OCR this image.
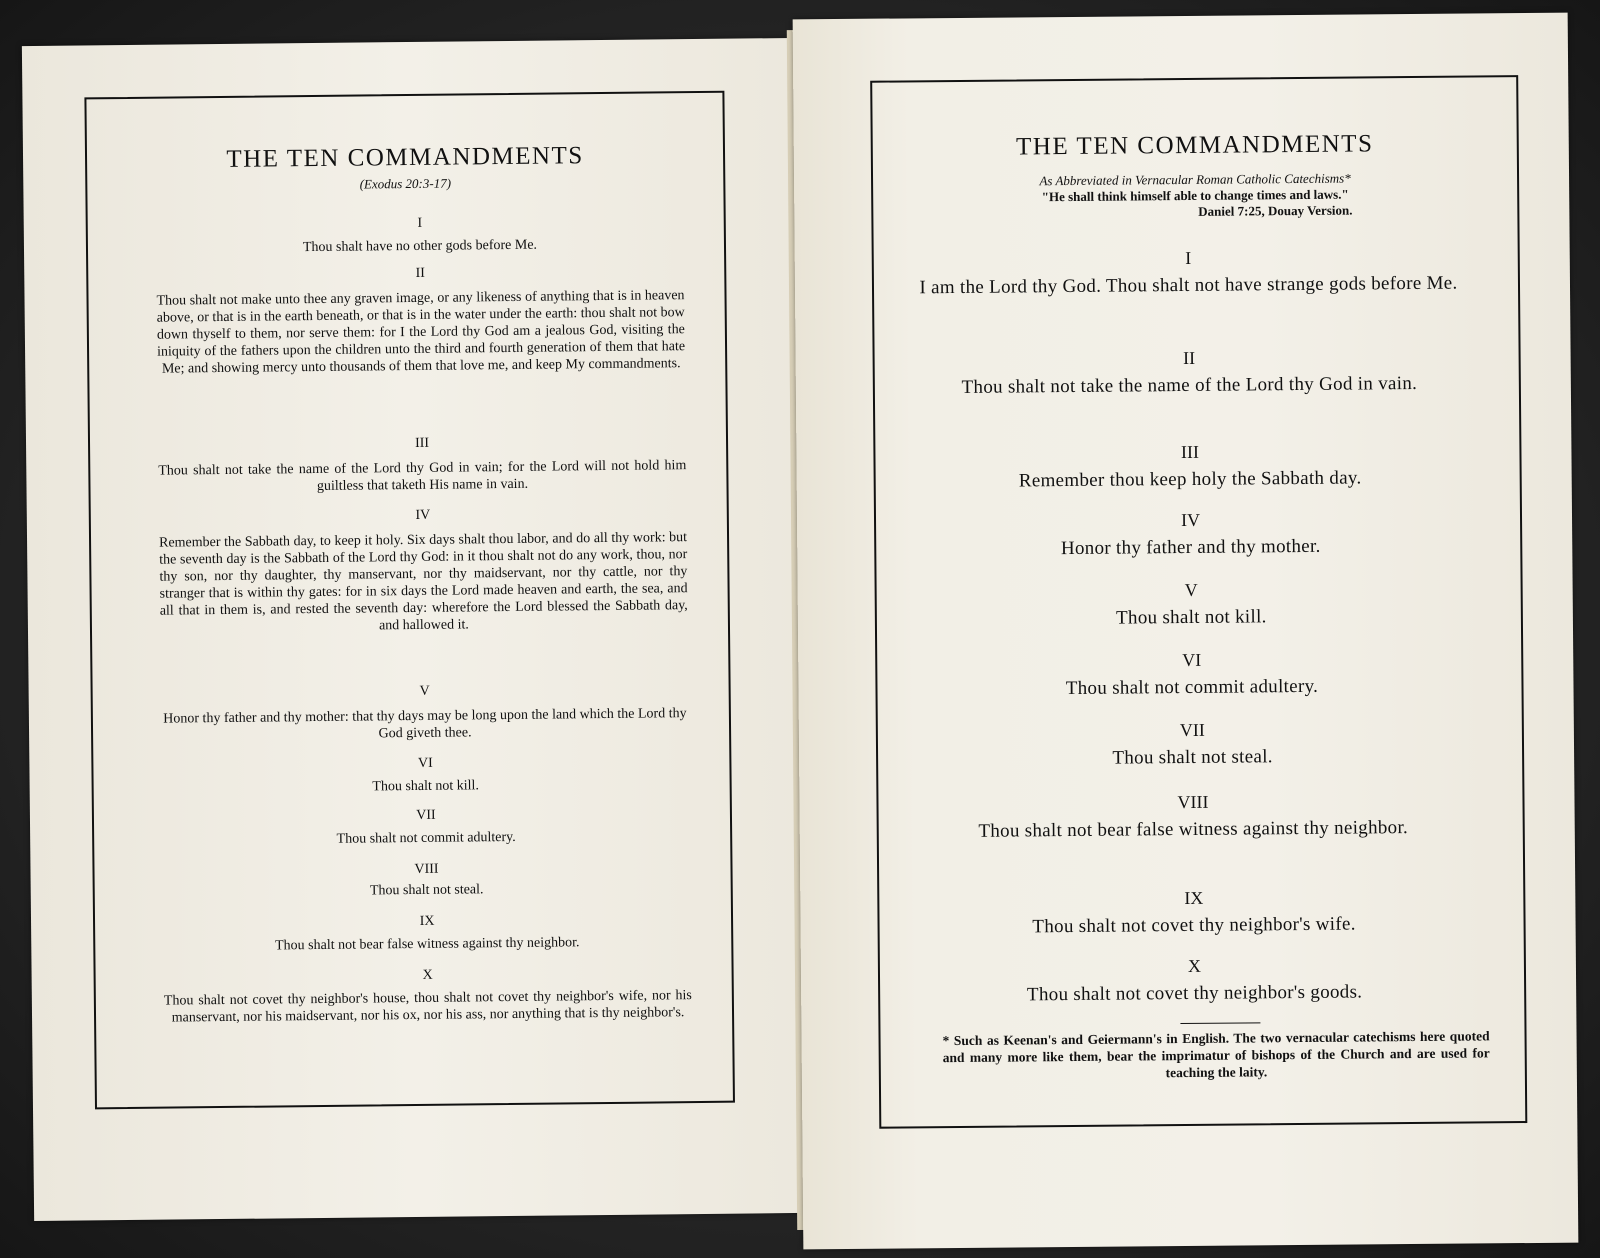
THE TEN COMMANDMENTS
(Exodus 20:3-17)
I
Thou shalt have no other gods before Me.
II
Thou shalt not make unto thee any graven image, or any likeness of anything that is in heaven above, or that is in the earth beneath, or that is in the water under the earth: thou shalt not bow down thyself to them, nor serve them: for I the Lord thy God am a jealous God, visiting the iniquity of the fathers upon the children unto the third and fourth generation of them that hate Me; and showing mercy unto thousands of them that love me, and keep My commandments.
III
Thou shalt not take the name of the Lord thy God in vain; for the Lord will not hold him guiltless that taketh His name in vain.
IV
Remember the Sabbath day, to keep it holy. Six days shalt thou labor, and do all thy work: but the seventh day is the Sabbath of the Lord thy God: in it thou shalt not do any work, thou, nor thy son, nor thy daughter, thy manservant, nor thy maidservant, nor thy cattle, nor thy stranger that is within thy gates: for in six days the Lord made heaven and earth, the sea, and all that in them is, and rested the seventh day: wherefore the Lord blessed the Sabbath day, and hallowed it.
V
Honor thy father and thy mother: that thy days may be long upon the land which the Lord thy God giveth thee.
VI
Thou shalt not kill.
VII
Thou shalt not commit adultery.
VIII
Thou shalt not steal.
IX
Thou shalt not bear false witness against thy neighbor.
X
Thou shalt not covet thy neighbor's house, thou shalt not covet thy neighbor's wife, nor his manservant, nor his maidservant, nor his ox, nor his ass, nor anything that is thy neighbor's.
THE TEN COMMANDMENTS
As Abbreviated in Vernacular Roman Catholic Catechisms*
"He shall think himself able to change times and laws."
Daniel 7:25, Douay Version.
I
I am the Lord thy God. Thou shalt not have strange gods before Me.
II
Thou shalt not take the name of the Lord thy God in vain.
III
Remember thou keep holy the Sabbath day.
IV
Honor thy father and thy mother.
V
Thou shalt not kill.
VI
Thou shalt not commit adultery.
VII
Thou shalt not steal.
VIII
Thou shalt not bear false witness against thy neighbor.
IX
Thou shalt not covet thy neighbor's wife.
X
Thou shalt not covet thy neighbor's goods.
* Such as Keenan's and Geiermann's in English. The two vernacular catechisms here quoted and many more like them, bear the imprimatur of bishops of the Church and are used for teaching the laity.
